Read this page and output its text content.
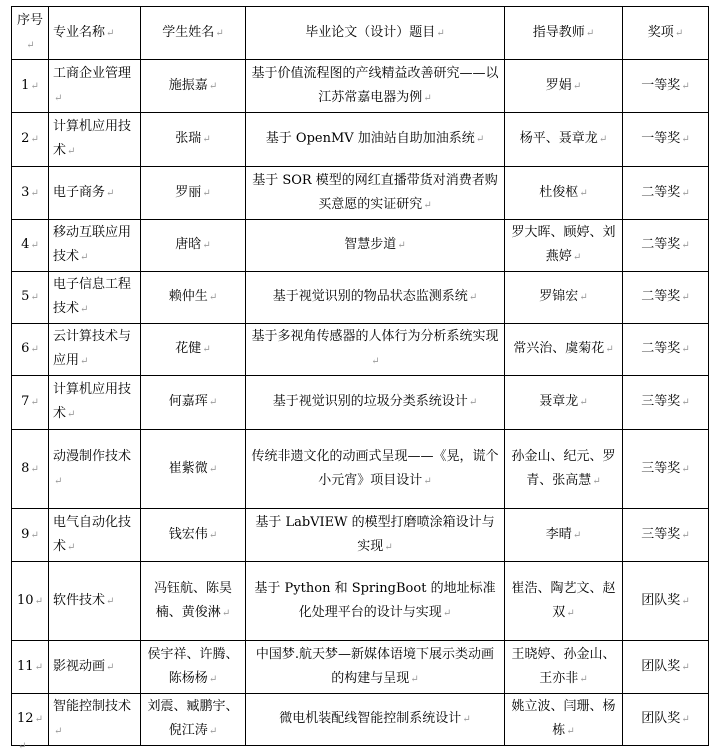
序号↵	专业名称↵	学生姓名↵	毕业论文（设计）题目↵	指导教师↵	奖项↵
1↵	工商企业管理↵	施振嘉↵	基于价值流程图的产线精益改善研究——以江苏常嘉电器为例↵	罗娟↵	一等奖↵
2↵	计算机应用技术↵	张瑞↵	基于 OpenMV 加油站自助加油系统↵	杨平、聂章龙↵	一等奖↵
3↵	电子商务↵	罗丽↵	基于 SOR 模型的网红直播带货对消费者购买意愿的实证研究↵	杜俊枢↵	二等奖↵
4↵	移动互联应用技术↵	唐晗↵	智慧步道↵	罗大晖、顾婷、刘燕婷↵	二等奖↵
5↵	电子信息工程技术↵	赖仲生↵	基于视觉识别的物品状态监测系统↵	罗锦宏↵	二等奖↵
6↵	云计算技术与应用↵	花健↵	基于多视角传感器的人体行为分析系统实现↵	常兴治、虞菊花↵	二等奖↵
7↵	计算机应用技术↵	何嘉珲↵	基于视觉识别的垃圾分类系统设计↵	聂章龙↵	三等奖↵
8↵	动漫制作技术↵	崔紫微↵	传统非遗文化的动画式呈现——《晃，谎个小元宵》项目设计↵	孙金山、纪元、罗青、张高慧↵	三等奖↵
9↵	电气自动化技术↵	钱宏伟↵	基于 LabVIEW 的模型打磨喷涂箱设计与实现↵	李晴↵	三等奖↵
10↵	软件技术↵	冯钰航、陈昊楠、黄俊淋↵	基于 Python 和 SpringBoot 的地址标准化处理平台的设计与实现↵	崔浩、陶艺文、赵双↵	团队奖↵
11↵	影视动画↵	侯宇祥、许腾、陈杨杨↵	中国梦.航天梦—新媒体语境下展示类动画的构建与呈现↵	王晓婷、孙金山、王亦非↵	团队奖↵
12↵	智能控制技术↵	刘震、臧鹏宇、倪江涛↵	微电机装配线智能控制系统设计↵	姚立波、闫珊、杨栋↵	团队奖↵
↵
